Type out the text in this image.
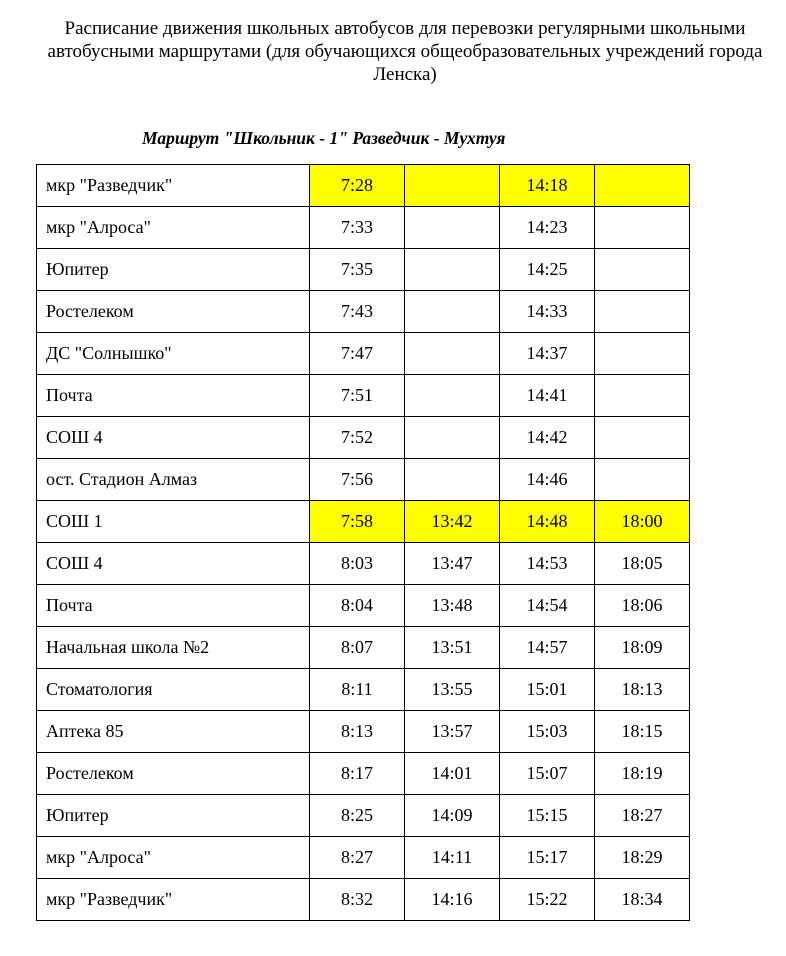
Расписание движения школьных автобусов для перевозки регулярными школьными автобусными маршрутами (для обучающихся общеобразовательных учреждений города Ленска)
Маршрут "Школьник - 1" Разведчик - Мухтуя
мкр "Разведчик"	7:28		14:18	
мкр "Алроса"	7:33		14:23	
Юпитер	7:35		14:25	
Ростелеком	7:43		14:33	
ДС "Солнышко"	7:47		14:37	
Почта	7:51		14:41	
СОШ 4	7:52		14:42	
ост. Стадион Алмаз	7:56		14:46	
СОШ 1	7:58	13:42	14:48	18:00
СОШ 4	8:03	13:47	14:53	18:05
Почта	8:04	13:48	14:54	18:06
Начальная школа №2	8:07	13:51	14:57	18:09
Стоматология	8:11	13:55	15:01	18:13
Аптека 85	8:13	13:57	15:03	18:15
Ростелеком	8:17	14:01	15:07	18:19
Юпитер	8:25	14:09	15:15	18:27
мкр "Алроса"	8:27	14:11	15:17	18:29
мкр "Разведчик"	8:32	14:16	15:22	18:34
